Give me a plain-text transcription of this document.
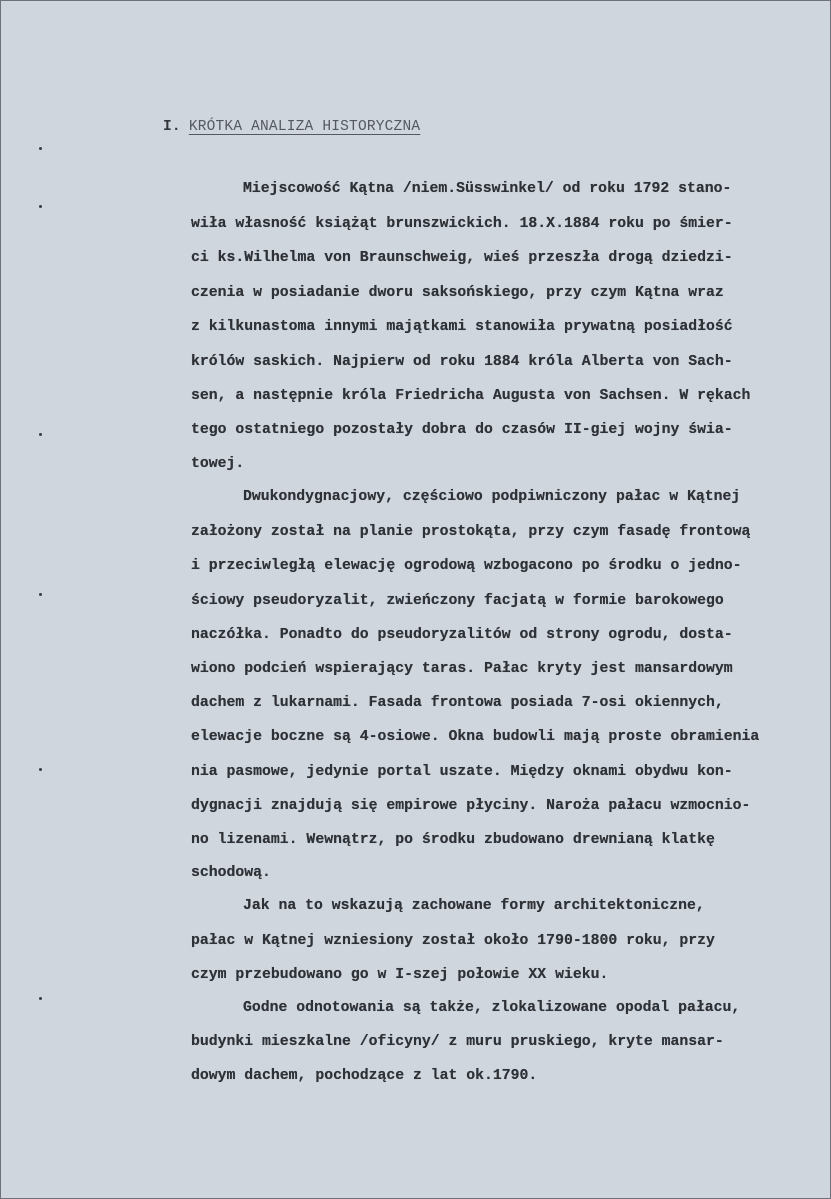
I. KRÓTKA ANALIZA HISTORYCZNA
Miejscowość Kątna /niem.Süsswinkel/ od roku 1792 stano-
wiła własność książąt brunszwickich. 18.X.1884 roku po śmier-
ci ks.Wilhelma von Braunschweig, wieś przeszła drogą dziedzi-
czenia w posiadanie dworu saksońskiego, przy czym Kątna wraz
z kilkunastoma innymi majątkami stanowiła prywatną posiadłość
królów saskich. Najpierw od roku 1884 króla Alberta von Sach-
sen, a następnie króla Friedricha Augusta von Sachsen. W rękach
tego ostatniego pozostały dobra do czasów II-giej wojny świa-
towej.
Dwukondygnacjowy, częściowo podpiwniczony pałac w Kątnej
założony został na planie prostokąta, przy czym fasadę frontową
i przeciwległą elewację ogrodową wzbogacono po środku o jedno-
ściowy pseudoryzalit, zwieńczony facjatą w formie barokowego
naczółka. Ponadto do pseudoryzalitów od strony ogrodu, dosta-
wiono podcień wspierający taras. Pałac kryty jest mansardowym
dachem z lukarnami. Fasada frontowa posiada 7-osi okiennych,
elewacje boczne są 4-osiowe. Okna budowli mają proste obramienia
nia pasmowe, jedynie portal uszate. Między oknami obydwu kon-
dygnacji znajdują się empirowe płyciny. Naroża pałacu wzmocnio-
no lizenami. Wewnątrz, po środku zbudowano drewnianą klatkę
schodową.
Jak na to wskazują zachowane formy architektoniczne,
pałac w Kątnej wzniesiony został około 1790-1800 roku, przy
czym przebudowano go w I-szej połowie XX wieku.
Godne odnotowania są także, zlokalizowane opodal pałacu,
budynki mieszkalne /oficyny/ z muru pruskiego, kryte mansar-
dowym dachem, pochodzące z lat ok.1790.
